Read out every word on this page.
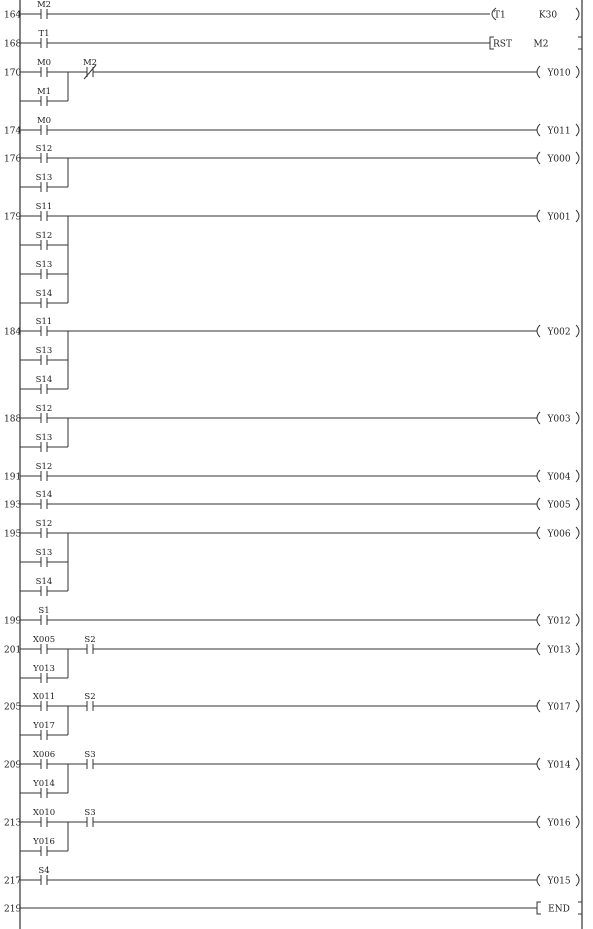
164
M2
T1	K30
168
T1
RST M2
170
M0
M1
M2
Y010
174
M0
Y011
176
S12
S13
Y000
179
S11
S12
S13
S14
Y001
184
S11
S13
S14
Y002
188
S12
S13
Y003
191
S12
Y004
193
S14
Y005
195
S12
S13
S14
Y006
199
S1
Y012
201
X005
Y013
S2
Y013
205
X011
Y017
S2
Y017
209
X006
Y014
S3
Y014
213
X010
Y016
S3
Y016
217
S4
Y015
219	END
